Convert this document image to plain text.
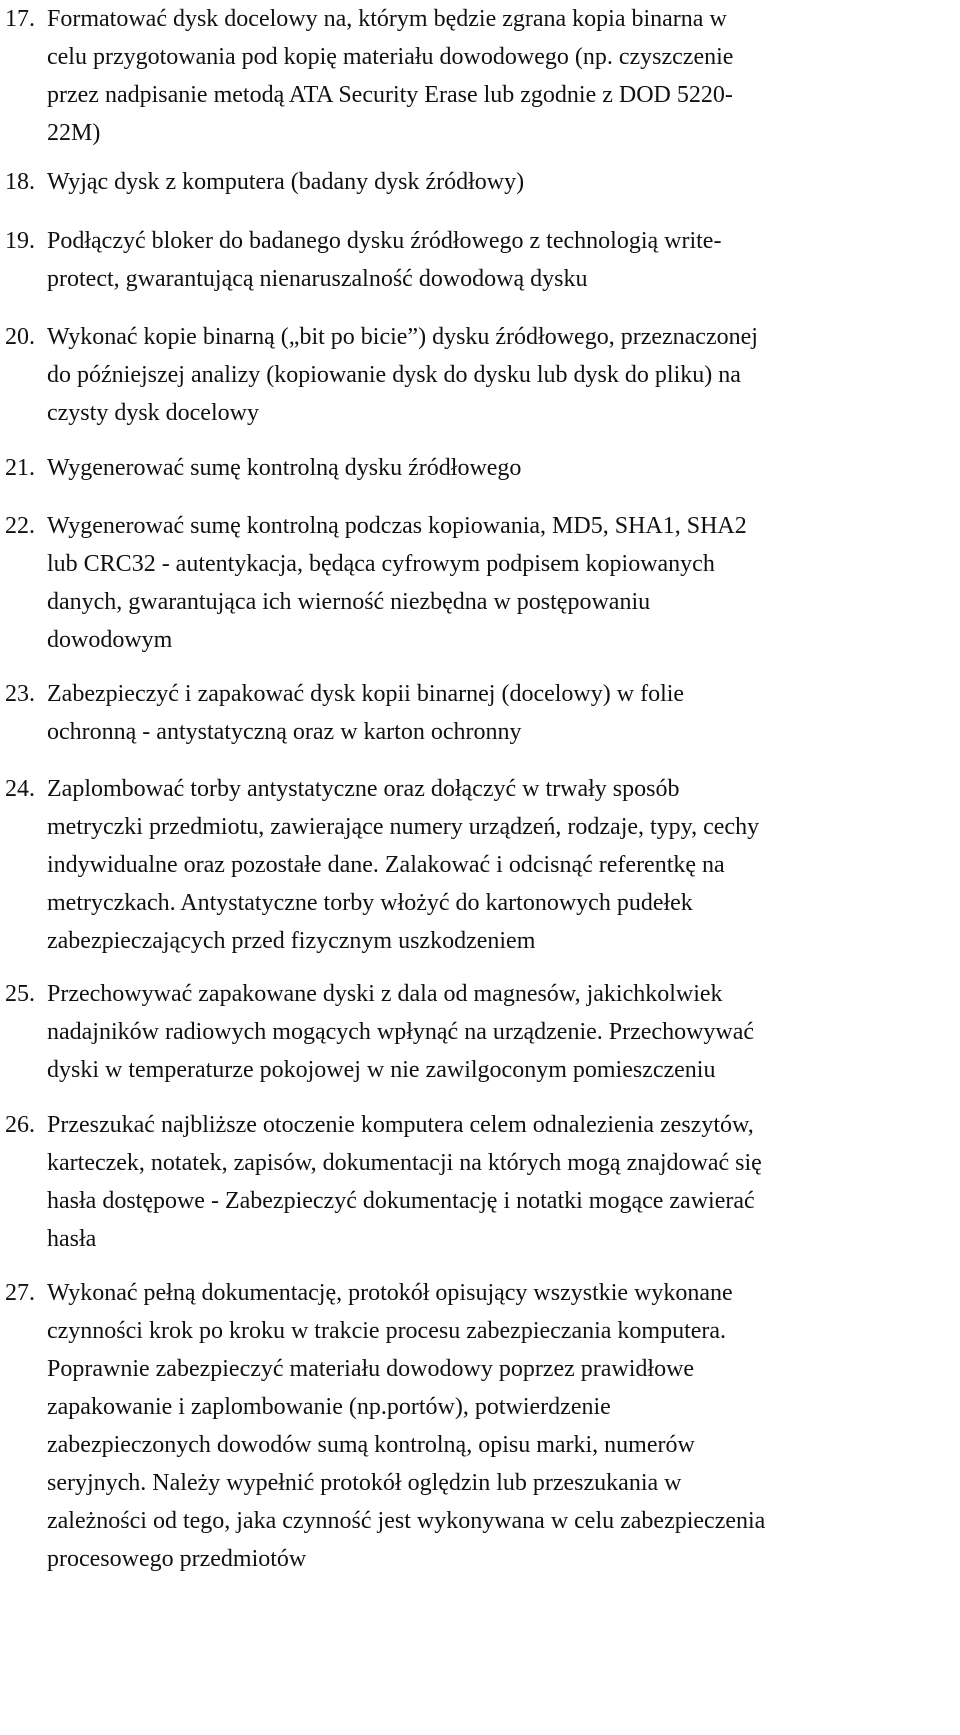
17. Formatować dysk docelowy na, którym będzie zgrana kopia binarna w
celu przygotowania pod kopię materiału dowodowego (np. czyszczenie
przez nadpisanie metodą ATA Security Erase lub zgodnie z DOD 5220-
22M)
18. Wyjąc dysk z komputera (badany dysk źródłowy)
19. Podłączyć bloker do badanego dysku źródłowego z technologią write-
protect, gwarantującą nienaruszalność dowodową dysku
20. Wykonać kopie binarną („bit po bicie”) dysku źródłowego, przeznaczonej
do późniejszej analizy (kopiowanie dysk do dysku lub dysk do pliku) na
czysty dysk docelowy
21. Wygenerować sumę kontrolną dysku źródłowego
22. Wygenerować sumę kontrolną podczas kopiowania, MD5, SHA1, SHA2
lub CRC32 - autentykacja, będąca cyfrowym podpisem kopiowanych
danych, gwarantująca ich wierność niezbędna w postępowaniu
dowodowym
23. Zabezpieczyć i zapakować dysk kopii binarnej (docelowy) w folie
ochronną - antystatyczną oraz w karton ochronny
24. Zaplombować torby antystatyczne oraz dołączyć w trwały sposób
metryczki przedmiotu, zawierające numery urządzeń, rodzaje, typy, cechy
indywidualne oraz pozostałe dane. Zalakować i odcisnąć referentkę na
metryczkach. Antystatyczne torby włożyć do kartonowych pudełek
zabezpieczających przed fizycznym uszkodzeniem
25. Przechowywać zapakowane dyski z dala od magnesów, jakichkolwiek
nadajników radiowych mogących wpłynąć na urządzenie. Przechowywać
dyski w temperaturze pokojowej w nie zawilgoconym pomieszczeniu
26. Przeszukać najbliższe otoczenie komputera celem odnalezienia zeszytów,
karteczek, notatek, zapisów, dokumentacji na których mogą znajdować się
hasła dostępowe - Zabezpieczyć dokumentację i notatki mogące zawierać
hasła
27. Wykonać pełną dokumentację, protokół opisujący wszystkie wykonane
czynności krok po kroku w trakcie procesu zabezpieczania komputera.
Poprawnie zabezpieczyć materiału dowodowy poprzez prawidłowe
zapakowanie i zaplombowanie (np.portów), potwierdzenie
zabezpieczonych dowodów sumą kontrolną, opisu marki, numerów
seryjnych. Należy wypełnić protokół oględzin lub przeszukania w
zależności od tego, jaka czynność jest wykonywana w celu zabezpieczenia
procesowego przedmiotów
